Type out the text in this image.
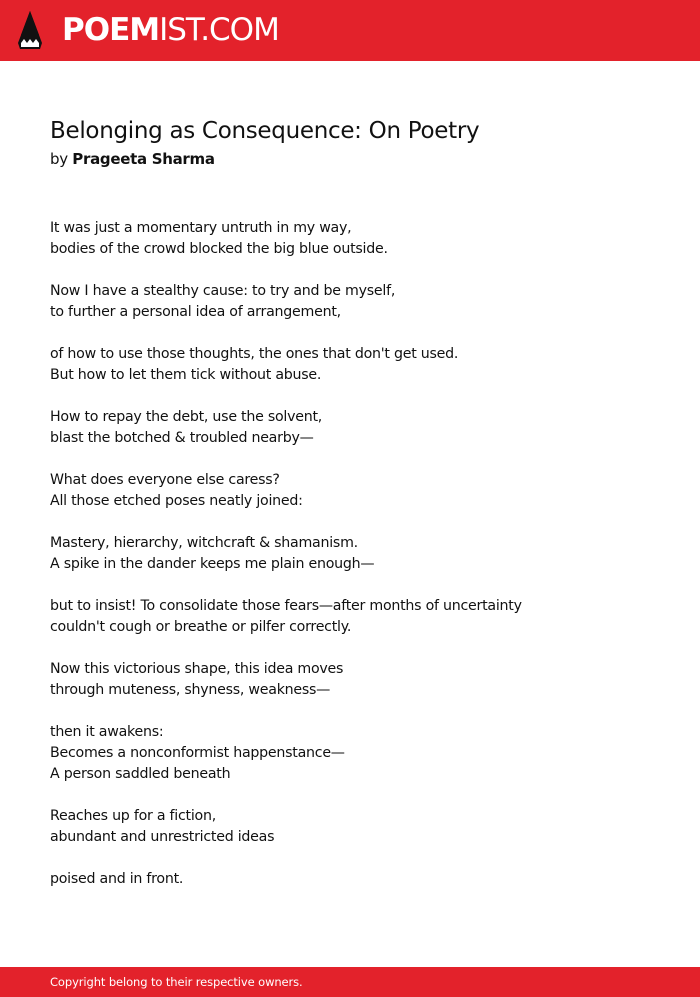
POEMIST.COM
Belonging as Consequence: On Poetry
by Prageeta Sharma
It was just a momentary untruth in my way,
bodies of the crowd blocked the big blue outside.
Now I have a stealthy cause: to try and be myself,
to further a personal idea of arrangement,
of how to use those thoughts, the ones that don't get used.
But how to let them tick without abuse.
How to repay the debt, use the solvent,
blast the botched & troubled nearby—
What does everyone else caress?
All those etched poses neatly joined:
Mastery, hierarchy, witchcraft & shamanism.
A spike in the dander keeps me plain enough—
but to insist! To consolidate those fears—after months of uncertainty
couldn't cough or breathe or pilfer correctly.
Now this victorious shape, this idea moves
through muteness, shyness, weakness—
then it awakens:
Becomes a nonconformist happenstance—
A person saddled beneath
Reaches up for a fiction,
abundant and unrestricted ideas
poised and in front.
Copyright belong to their respective owners.
